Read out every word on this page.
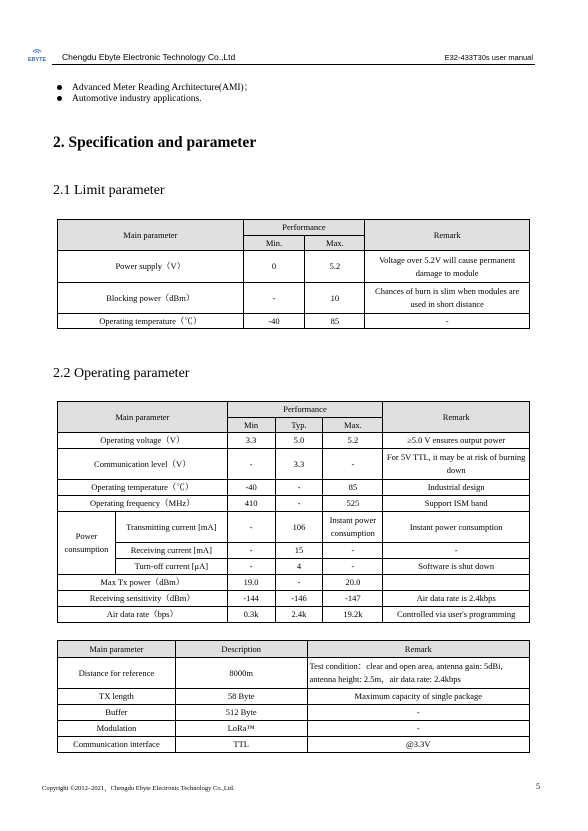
EBYTE Chengdu Ebyte Electronic Technology Co.,Ltd	E32-433T30s user manual
Advanced Meter Reading Architecture(AMI)；
Automotive industry applications.
2. Specification and parameter
2.1 Limit parameter
Main parameter	Performance		Remark
	Min.	Max.	
Power supply（V）	0	5.2	Voltage over 5.2V will cause permanent damage to module
Blocking power（dBm）	-	10	Chances of burn is slim when modules are used in short distance
Operating temperature（℃）	-40	85	-
2.2 Operating parameter
Main parameter		Performance			Remark
		Min	Typ.	Max.	
Operating voltage（V）		3.3	5.0	5.2	≥5.0 V ensures output power
Communication level（V）		-	3.3	-	For 5V TTL, it may be at risk of burning down
Operating temperature（℃）		-40	-	85	Industrial design
Operating frequency（MHz）		410	-	525	Support ISM band
Power consumption	Transmitting current [mA]	-	106	Instant power consumption	Instant power consumption
	Receiving current [mA]	-	15	-	-
	Turn-off current [μA]	-	4	-	Software is shut down
Max Tx power（dBm）		19.0	-	20.0	
Receiving sensitivity（dBm）		-144	-146	-147	Air data rate is 2.4kbps
Air data rate（bps）		0.3k	2.4k	19.2k	Controlled via user's programming
Main parameter	Description	Remark
Distance for reference	8000m	Test condition：clear and open area, antenna gain: 5dBi, antenna height: 2.5m，air data rate: 2.4kbps
TX length	58 Byte	Maximum capacity of single package
Buffer	512 Byte	-
Modulation	LoRa™	-
Communication interface	TTL	@3.3V
Copyright ©2012–2021，Chengdu Ebyte Electronic Technology Co.,Ltd.	5
